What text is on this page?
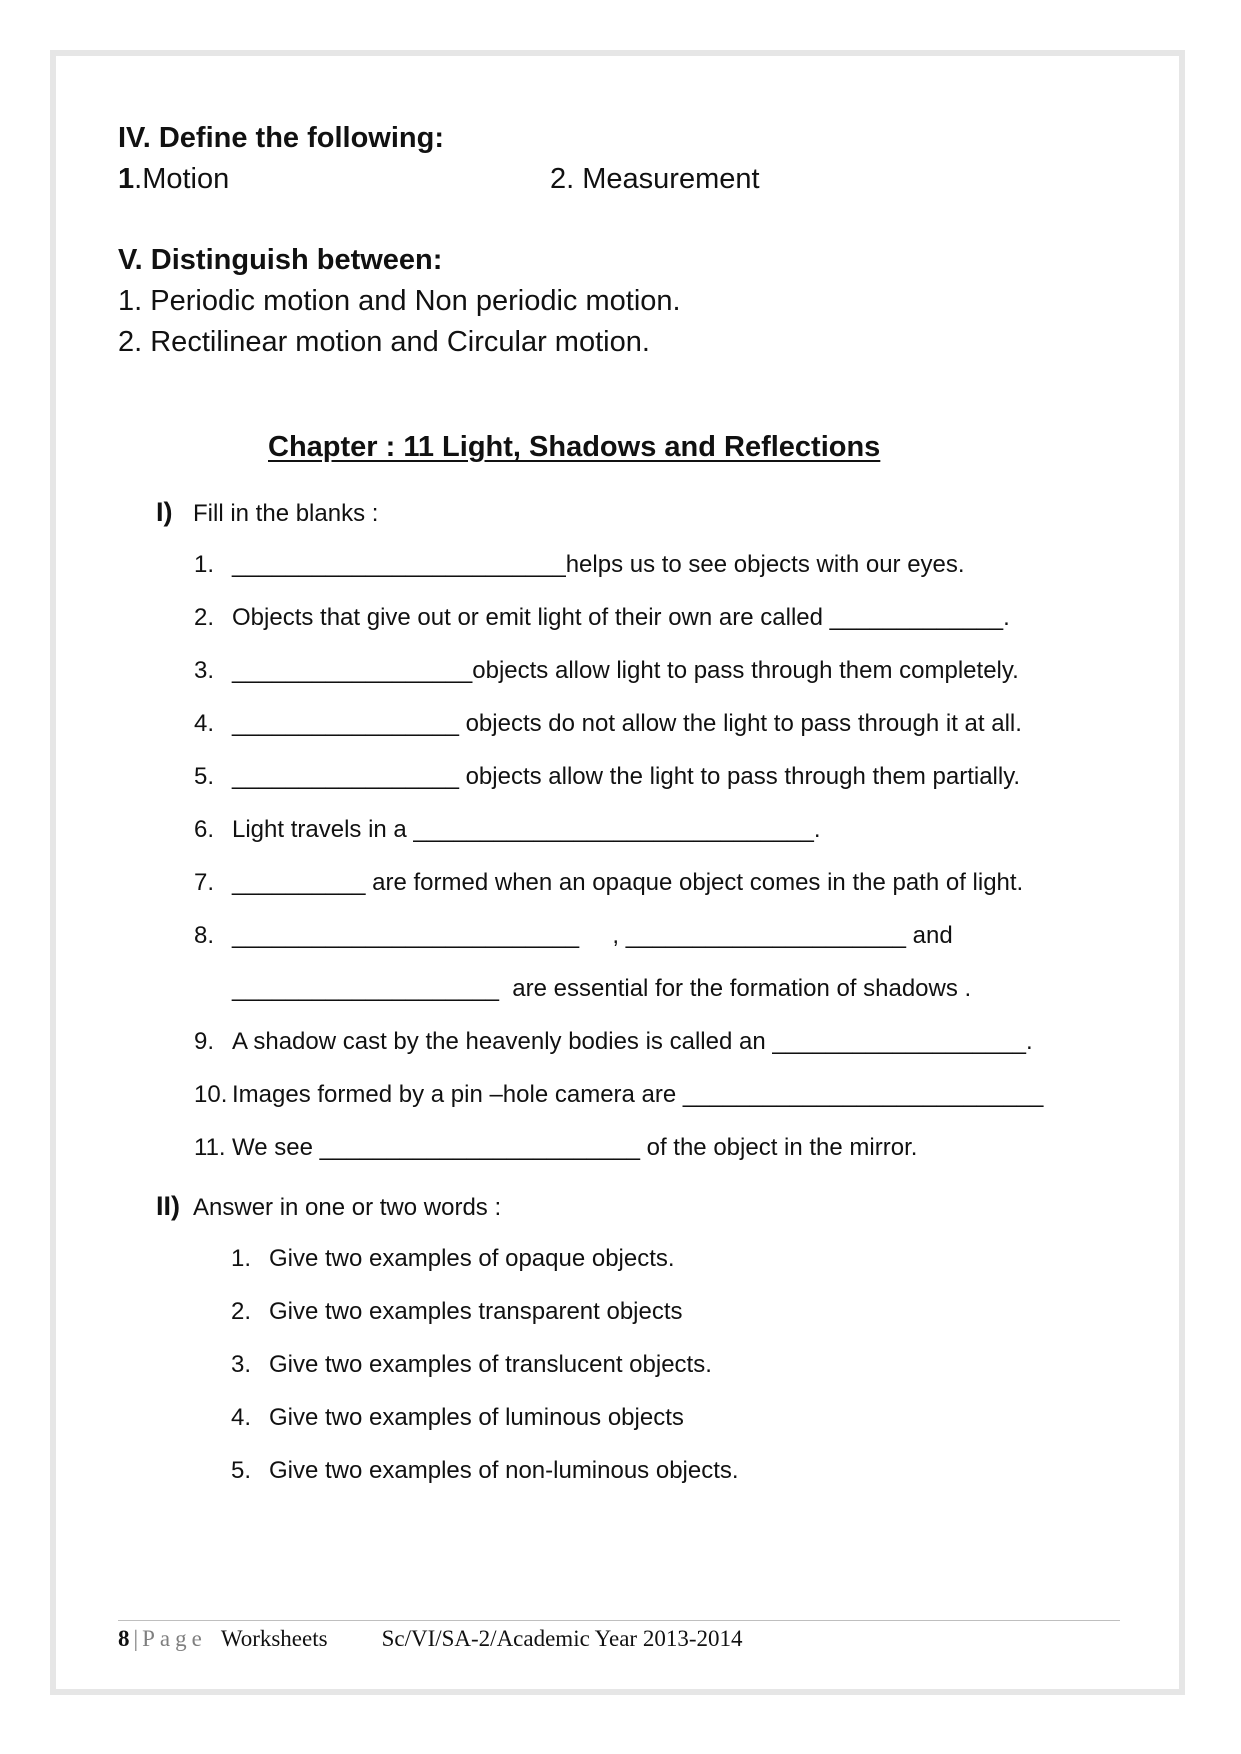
IV. Define the following:
1.Motion	2. Measurement
V. Distinguish between:
1. Periodic motion and Non periodic motion.
2. Rectilinear motion and Circular motion.
Chapter : 11 Light, Shadows and Reflections
I) Fill in the blanks :
1. _________________________helps us to see objects with our eyes.
2. Objects that give out or emit light of their own are called _____________.
3. __________________objects allow light to pass through them completely.
4. _________________ objects do not allow the light to pass through it at all.
5. _________________ objects allow the light to pass through them partially.
6. Light travels in a ______________________________.
7. __________ are formed when an opaque object comes in the path of light.
8. __________________________     , _____________________ and
____________________  are essential for the formation of shadows .
9. A shadow cast by the heavenly bodies is called an ___________________.
10. Images formed by a pin –hole camera are ___________________________
11. We see ________________________ of the object in the mirror.
II) Answer in one or two words :
1. Give two examples of opaque objects.
2. Give two examples transparent objects
3. Give two examples of translucent objects.
4. Give two examples of luminous objects
5. Give two examples of non-luminous objects.
8 | Page Worksheets Sc/VI/SA-2/Academic Year 2013-2014
